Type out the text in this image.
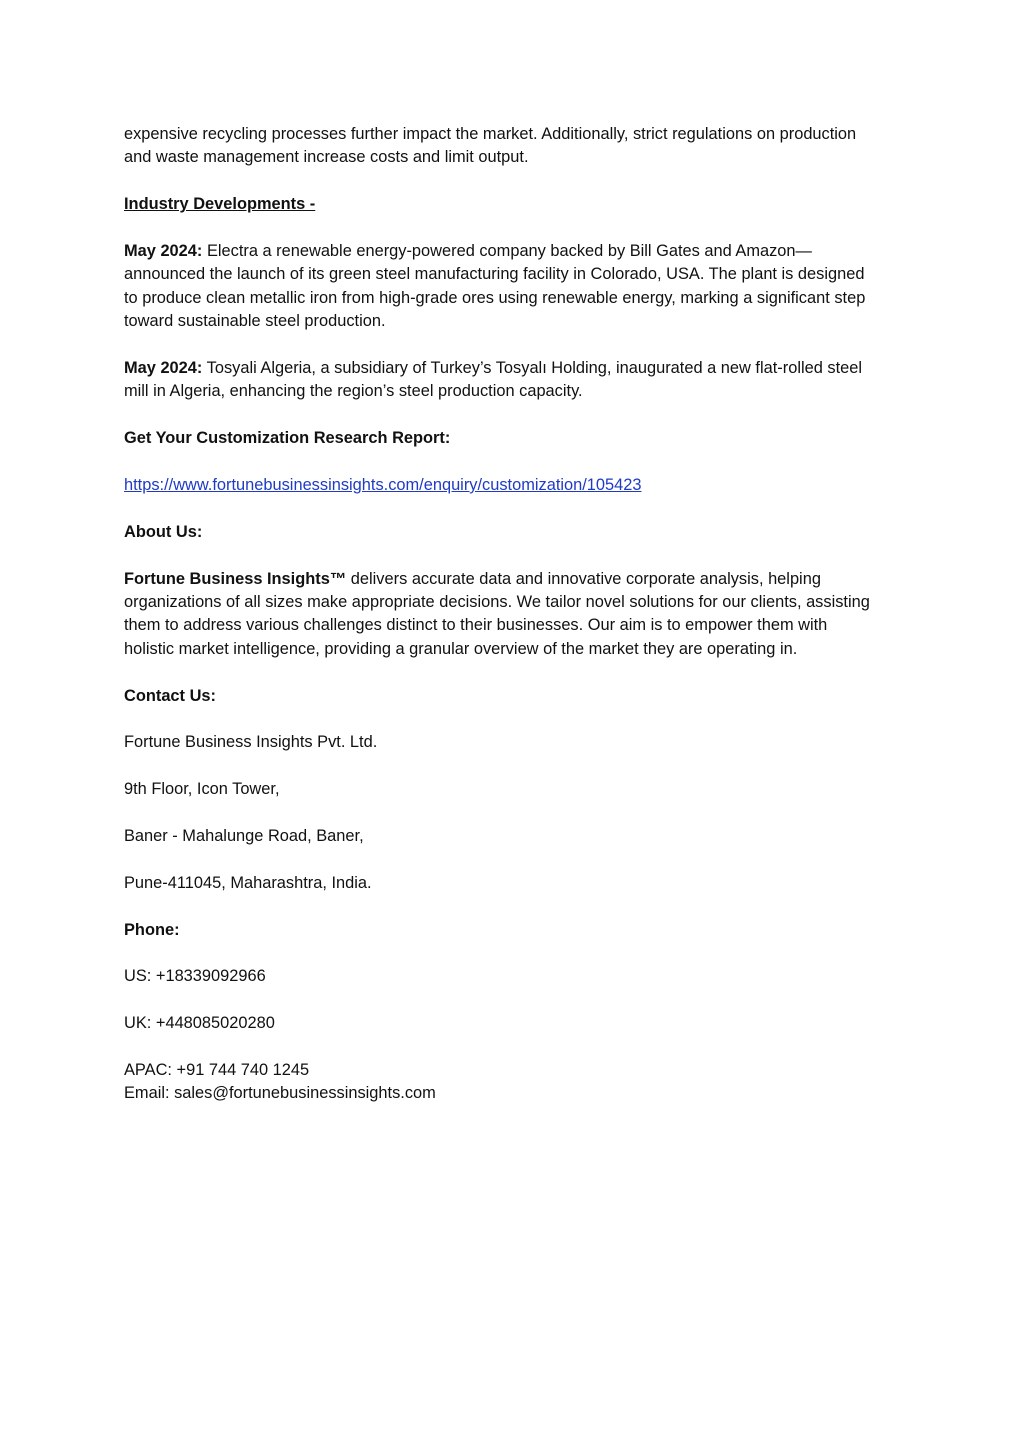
expensive recycling processes further impact the market. Additionally, strict regulations on production and waste management increase costs and limit output.

Industry Developments -

May 2024: Electra a renewable energy-powered company backed by Bill Gates and Amazon—announced the launch of its green steel manufacturing facility in Colorado, USA. The plant is designed to produce clean metallic iron from high-grade ores using renewable energy, marking a significant step toward sustainable steel production.

May 2024: Tosyali Algeria, a subsidiary of Turkey’s Tosyalı Holding, inaugurated a new flat-rolled steel mill in Algeria, enhancing the region’s steel production capacity.

Get Your Customization Research Report:

https://www.fortunebusinessinsights.com/enquiry/customization/105423

About Us:

Fortune Business Insights™ delivers accurate data and innovative corporate analysis, helping organizations of all sizes make appropriate decisions. We tailor novel solutions for our clients, assisting them to address various challenges distinct to their businesses. Our aim is to empower them with holistic market intelligence, providing a granular overview of the market they are operating in.

Contact Us:

Fortune Business Insights Pvt. Ltd.

9th Floor, Icon Tower,

Baner - Mahalunge Road, Baner,

Pune-411045, Maharashtra, India.

Phone:

US: +18339092966

UK: +448085020280

APAC: +91 744 740 1245

Email: sales@fortunebusinessinsights.com
